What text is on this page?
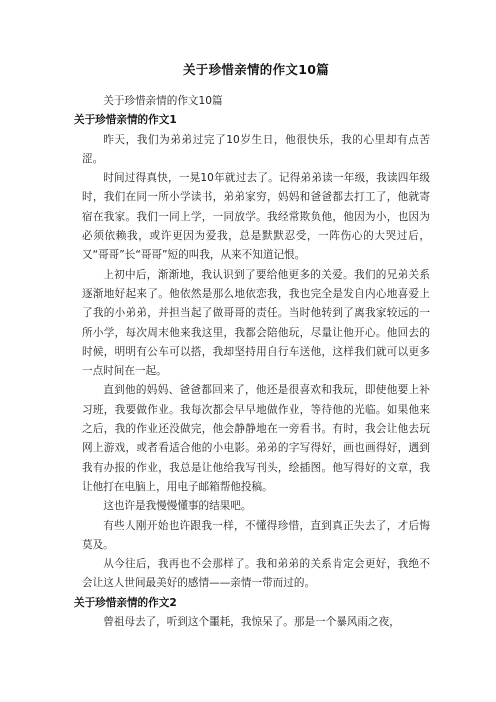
关于珍惜亲情的作文10篇

关于珍惜亲情的作文10篇

关于珍惜亲情的作文1

昨天，我们为弟弟过完了10岁生日，他很快乐，我的心里却有点苦涩。

时间过得真快，一晃10年就过去了。记得弟弟读一年级，我读四年级时，我们在同一所小学读书，弟弟家穷，妈妈和爸爸都去打工了，他就寄宿在我家。我们一同上学，一同放学。我经常欺负他，他因为小，也因为必须依赖我，或许更因为爱我，总是默默忍受，一阵伤心的大哭过后，又“哥哥”长“哥哥”短的叫我，从来不知道记恨。

上初中后，渐渐地，我认识到了要给他更多的关爱。我们的兄弟关系逐渐地好起来了。他依然是那么地依恋我，我也完全是发自内心地喜爱上了我的小弟弟，并担当起了做哥哥的责任。当时他转到了离我家较远的一所小学，每次周末他来我这里，我都会陪他玩，尽量让他开心。他回去的时候，明明有公车可以搭，我却坚持用自行车送他，这样我们就可以更多一点时间在一起。

直到他的妈妈、爸爸都回来了，他还是很喜欢和我玩，即使他要上补习班，我要做作业。我每次都会早早地做作业，等待他的光临。如果他来之后，我的作业还没做完，他会静静地在一旁看书。有时，我会让他去玩网上游戏，或者看适合他的小电影。弟弟的字写得好，画也画得好，遇到我有办报的作业，我总是让他给我写刊头，绘插图。他写得好的文章，我让他打在电脑上，用电子邮箱帮他投稿。

这也许是我慢慢懂事的结果吧。

有些人刚开始也许跟我一样，不懂得珍惜，直到真正失去了，才后悔莫及。

从今往后，我再也不会那样了。我和弟弟的关系肯定会更好，我绝不会让这人世间最美好的感情——亲情一带而过的。

关于珍惜亲情的作文2

曾祖母去了，听到这个噩耗，我惊呆了。那是一个暴风雨之夜，
